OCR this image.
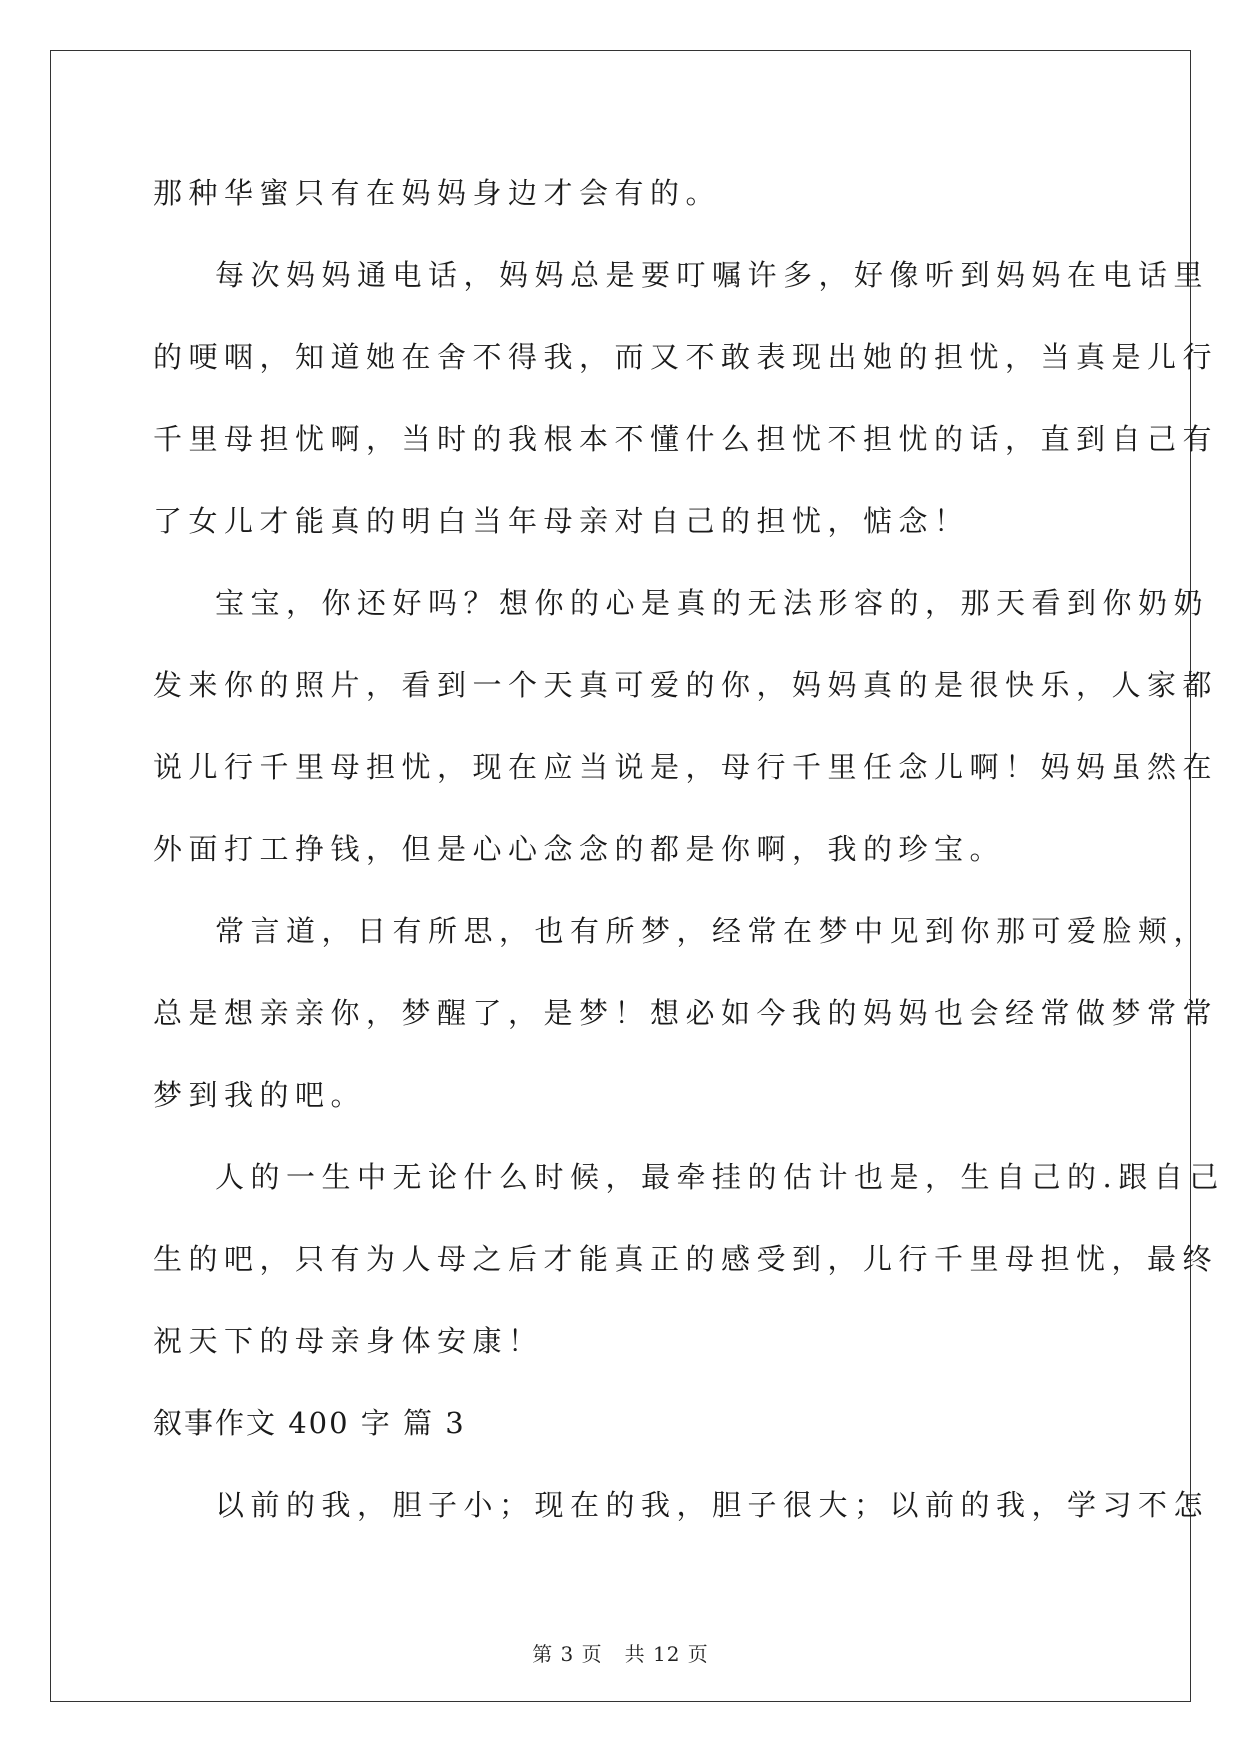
那种华蜜只有在妈妈身边才会有的。
每次妈妈通电话，妈妈总是要叮嘱许多，好像听到妈妈在电话里
的哽咽，知道她在舍不得我，而又不敢表现出她的担忧，当真是儿行
千里母担忧啊，当时的我根本不懂什么担忧不担忧的话，直到自己有
了女儿才能真的明白当年母亲对自己的担忧，惦念！
宝宝，你还好吗？想你的心是真的无法形容的，那天看到你奶奶
发来你的照片，看到一个天真可爱的你，妈妈真的是很快乐，人家都
说儿行千里母担忧，现在应当说是，母行千里任念儿啊！妈妈虽然在
外面打工挣钱，但是心心念念的都是你啊，我的珍宝。
常言道，日有所思，也有所梦，经常在梦中见到你那可爱脸颊，
总是想亲亲你，梦醒了，是梦！想必如今我的妈妈也会经常做梦常常
梦到我的吧。
人的一生中无论什么时候，最牵挂的估计也是，生自己的.跟自己
生的吧，只有为人母之后才能真正的感受到，儿行千里母担忧，最终
祝天下的母亲身体安康！
叙事作文 400 字 篇 3
以前的我，胆子小；现在的我，胆子很大；以前的我，学习不怎
第 3 页 共 12 页
